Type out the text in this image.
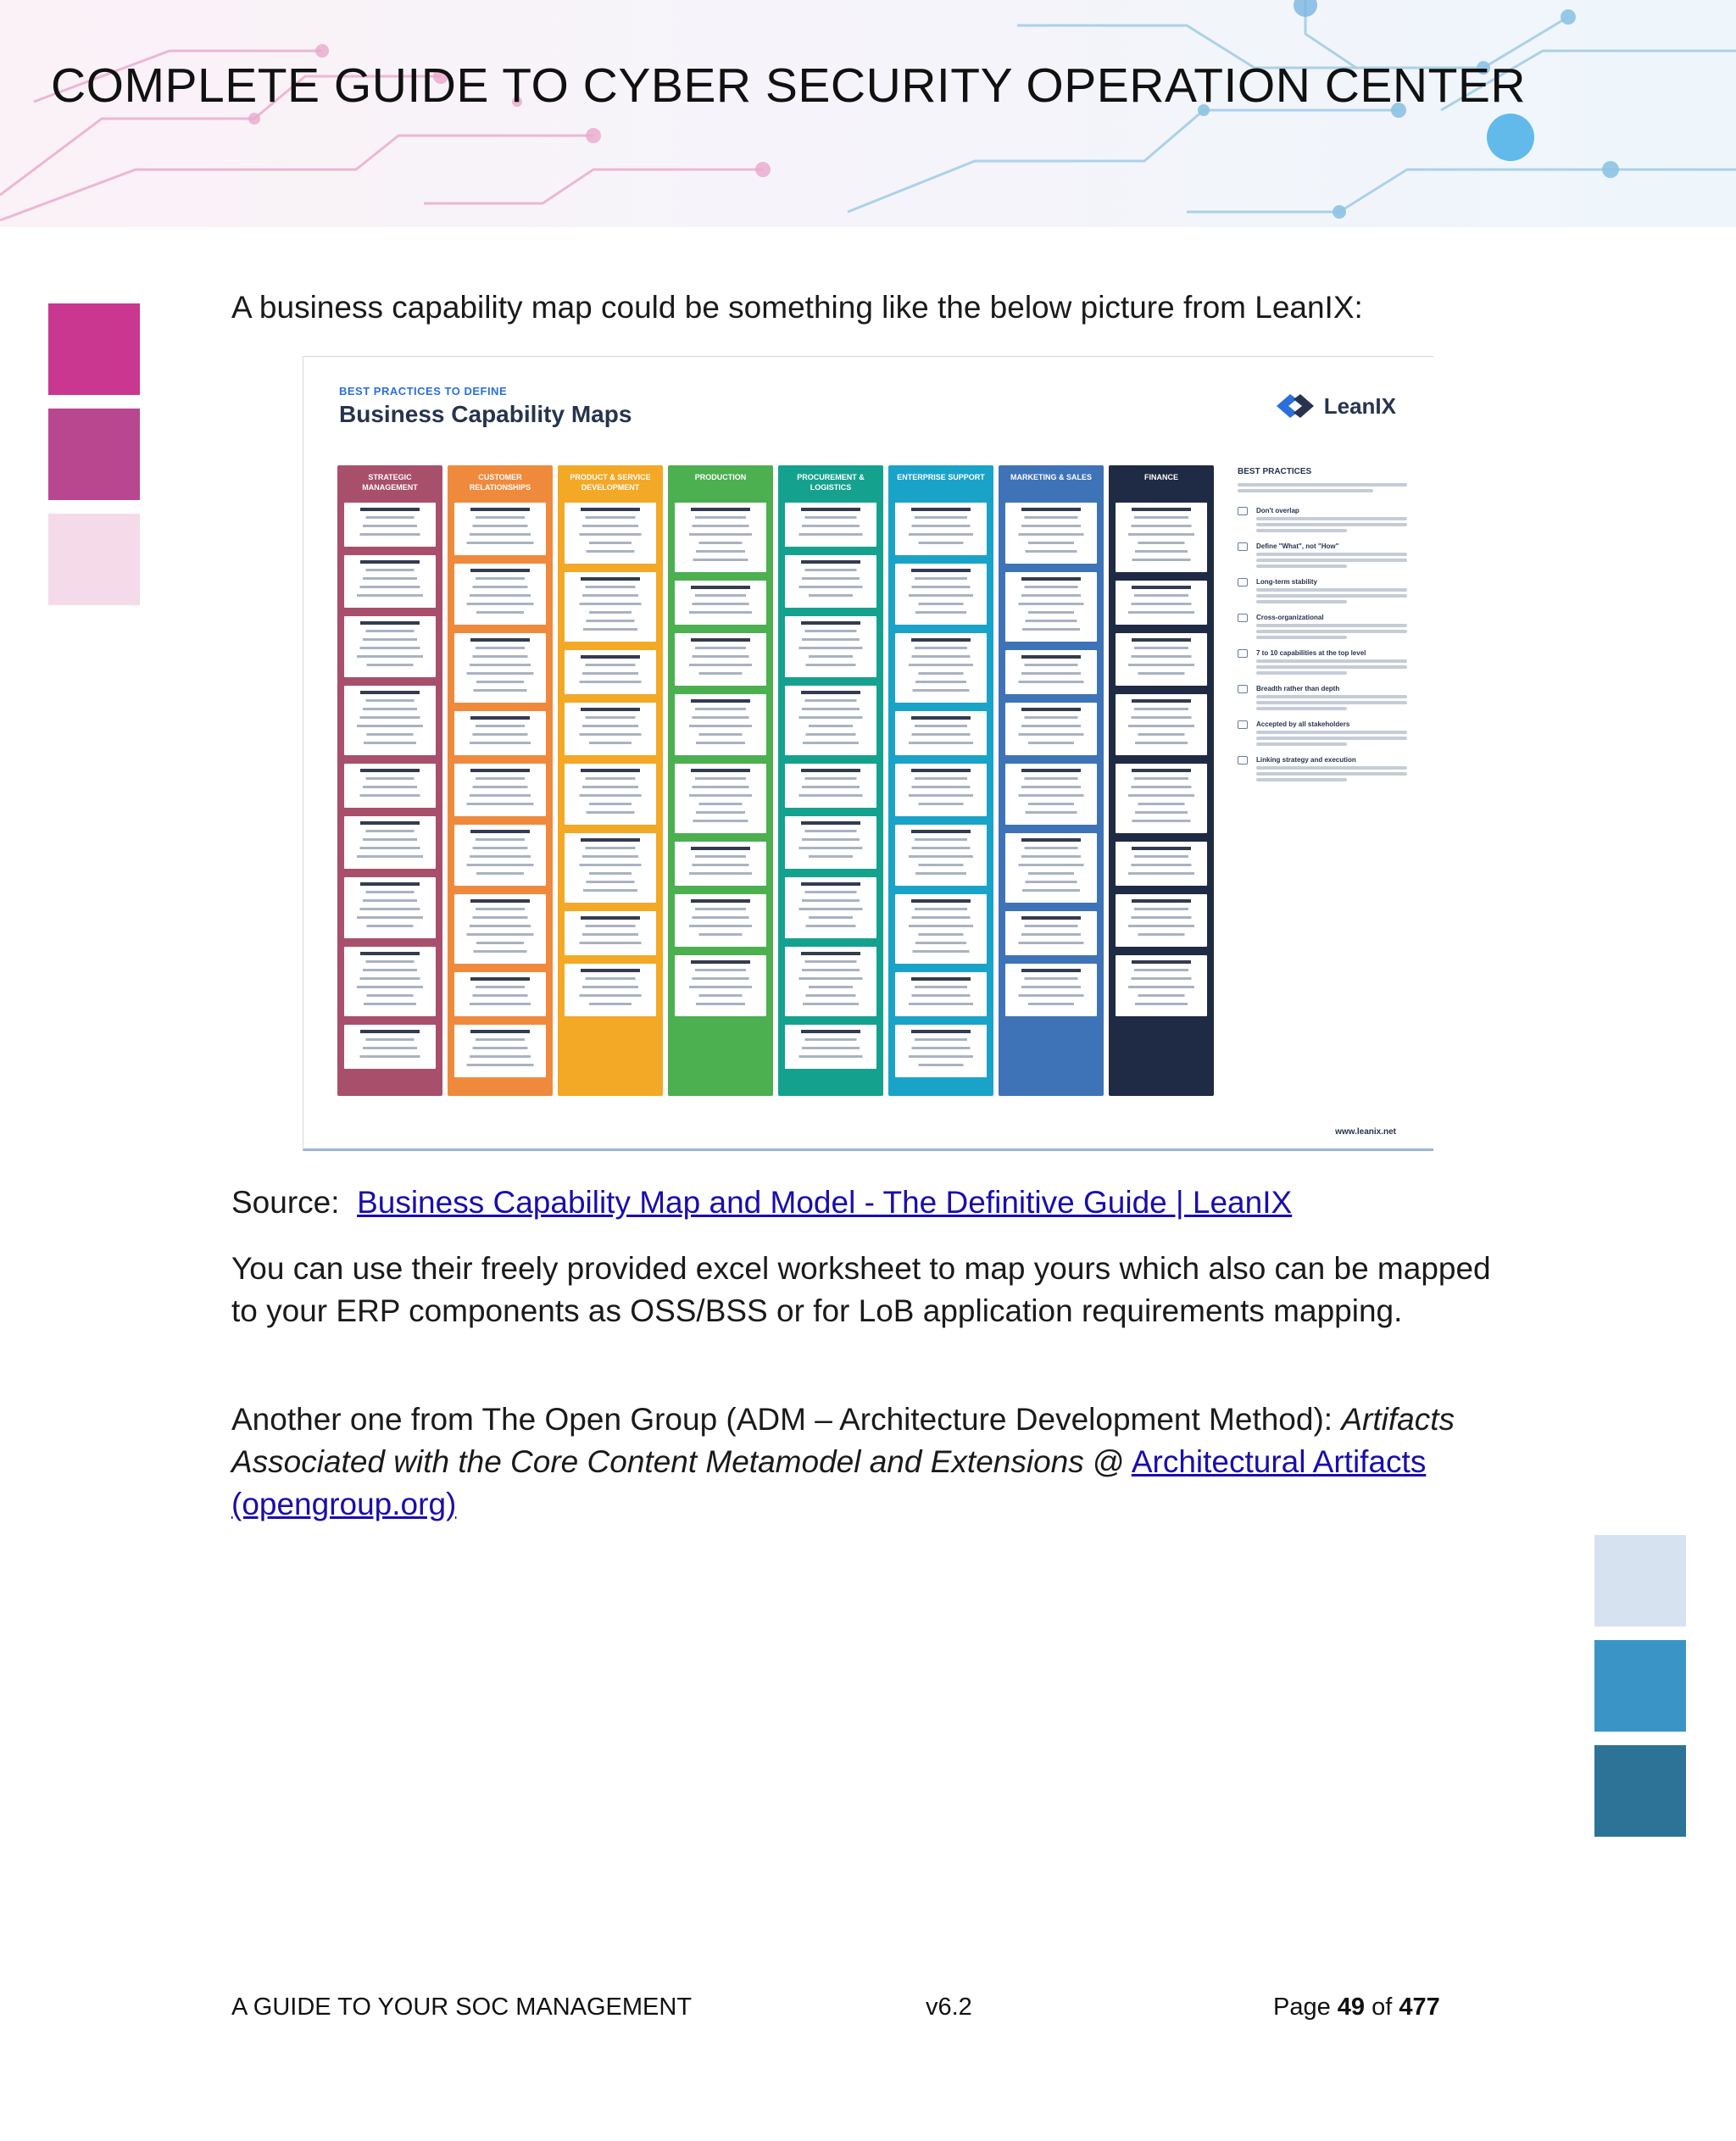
COMPLETE GUIDE TO CYBER SECURITY OPERATION CENTER
A business capability map could be something like the below picture from LeanIX:
BEST PRACTICES TO DEFINE
Business Capability Maps	LeanIX
STRATEGIC MANAGEMENT
CUSTOMER RELATIONSHIPS
PRODUCT & SERVICE DEVELOPMENT
PRODUCTION	PROCUREMENT & LOGISTICS
ENTERPRISE SUPPORT	MARKETING & SALES	FINANCE
BEST PRACTICES
Don't overlap
Define "What", not "How"
Long-term stability
Cross-organizational
7 to 10 capabilities at the top level
Breadth rather than depth
Accepted by all stakeholders
Linking strategy and execution
www.leanix.net
Source: Business Capability Map and Model - The Definitive Guide | LeanIX
You can use their freely provided excel worksheet to map yours which also can be mapped to your ERP components as OSS/BSS or for LoB application requirements mapping.
Another one from The Open Group (ADM – Architecture Development Method): Artifacts Associated with the Core Content Metamodel and Extensions @ Architectural Artifacts (opengroup.org)
A GUIDE TO YOUR SOC MANAGEMENT	v6.2	Page 49 of 477
